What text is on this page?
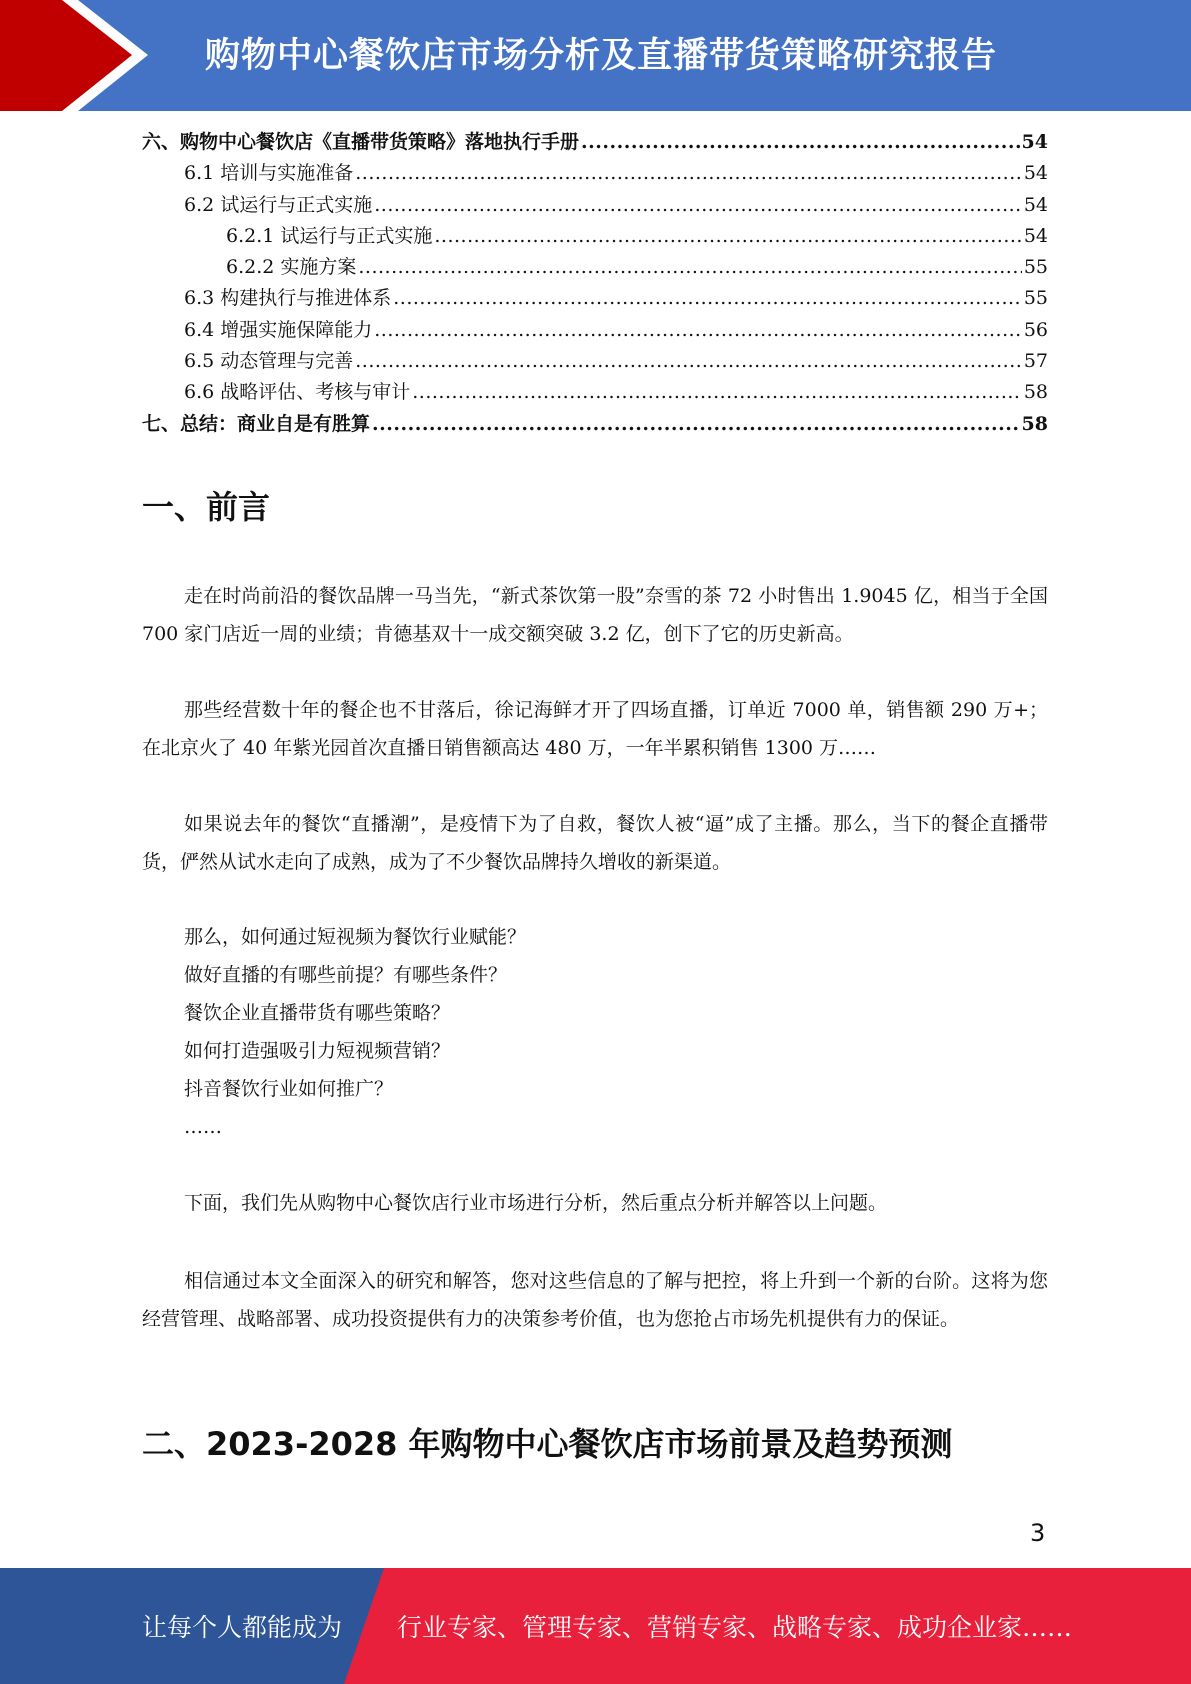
购物中心餐饮店市场分析及直播带货策略研究报告
六、购物中心餐饮店《直播带货策略》落地执行手册 .....	54
6.1 培训与实施准备 .....	54
6.2 试运行与正式实施 .....	54
6.2.1 试运行与正式实施 .....	54
6.2.2 实施方案 .....	55
6.3 构建执行与推进体系 .....	55
6.4 增强实施保障能力 .....	56
6.5 动态管理与完善 .....	57
6.6 战略评估、考核与审计 .....	58
七、总结：商业自是有胜算 .....	58
一、前言
走在时尚前沿的餐饮品牌一马当先，“新式茶饮第一股”奈雪的茶 72 小时售出 1.9045 亿，相当于全国 700 家门店近一周的业绩；肯德基双十一成交额突破 3.2 亿，创下了它的历史新高。
那些经营数十年的餐企也不甘落后，徐记海鲜才开了四场直播，订单近 7000 单，销售额 290 万+；在北京火了 40 年紫光园首次直播日销售额高达 480 万，一年半累积销售 1300 万……
如果说去年的餐饮“直播潮”，是疫情下为了自救，餐饮人被“逼”成了主播。那么，当下的餐企直播带货，俨然从试水走向了成熟，成为了不少餐饮品牌持久增收的新渠道。
那么，如何通过短视频为餐饮行业赋能？
做好直播的有哪些前提？有哪些条件？
餐饮企业直播带货有哪些策略？
如何打造强吸引力短视频营销？
抖音餐饮行业如何推广？
……
下面，我们先从购物中心餐饮店行业市场进行分析，然后重点分析并解答以上问题。
相信通过本文全面深入的研究和解答，您对这些信息的了解与把控，将上升到一个新的台阶。这将为您经营管理、战略部署、成功投资提供有力的决策参考价值，也为您抢占市场先机提供有力的保证。
二、2023-2028 年购物中心餐饮店市场前景及趋势预测
3
让每个人都能成为 行业专家、管理专家、营销专家、战略专家、成功企业家……
